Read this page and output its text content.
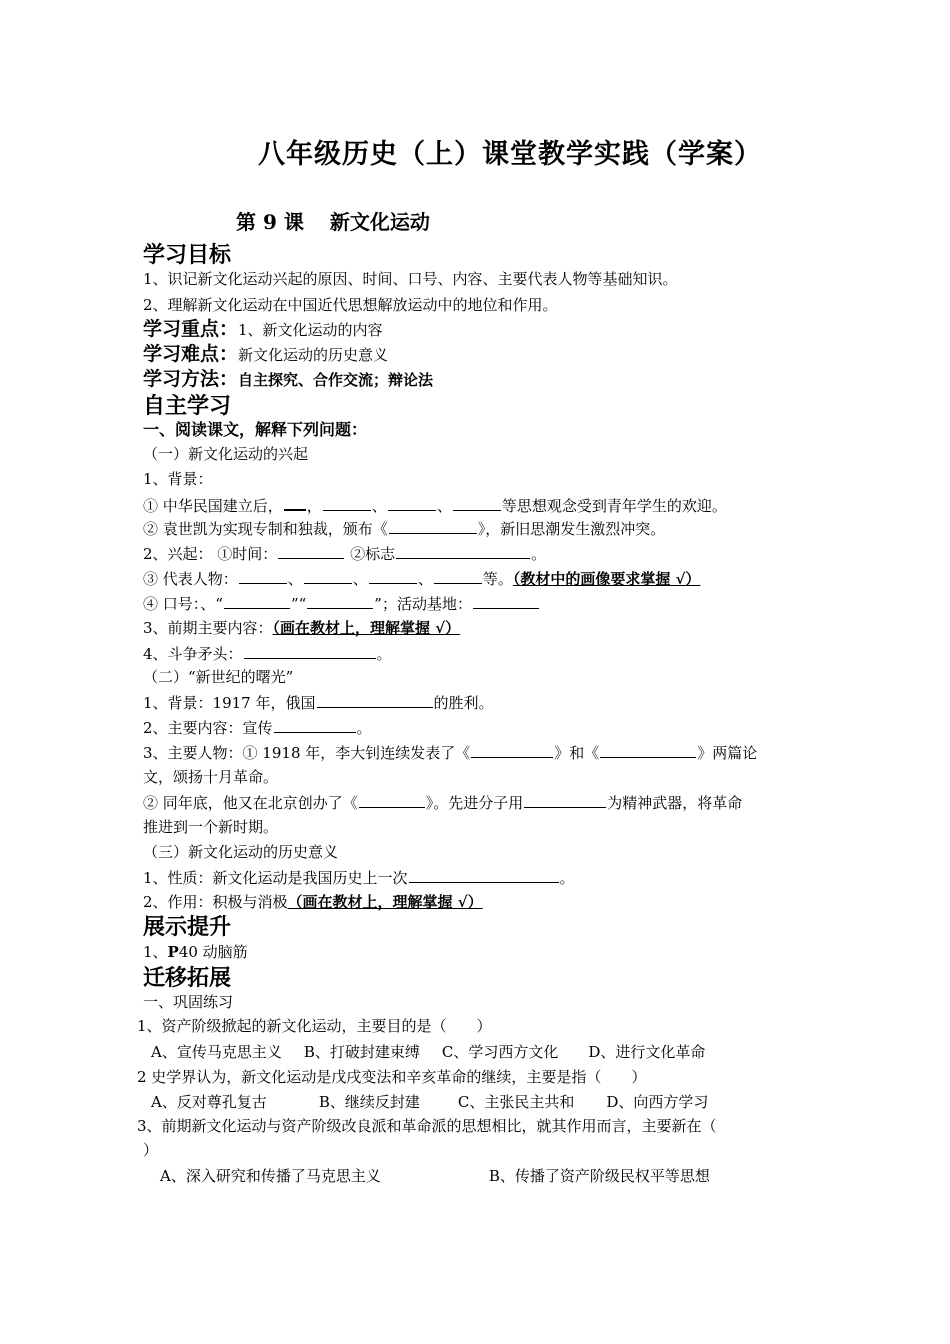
八年级历史（上）课堂教学实践（学案）
第 9 课 新文化运动
学习目标
1、识记新文化运动兴起的原因、时间、口号、内容、主要代表人物等基础知识。
2、理解新文化运动在中国近代思想解放运动中的地位和作用。
学习重点：1、新文化运动的内容
学习难点：新文化运动的历史意义
学习方法：自主探究、合作交流；辩论法
自主学习
一、阅读课文，解释下列问题：
（一）新文化运动的兴起
1、背景：
① 中华民国建立后， ，	、	、	等思想观念受到青年学生的欢迎。
② 袁世凯为实现专制和独裁，颁布《	》，新旧思潮发生激烈冲突。
2、兴起： ①时间：	②标志	。
③ 代表人物：	、	、	、	等。（教材中的画像要求掌握 √）
④ 口号：、“	”“	”；活动基地：
3、前期主要内容：（画在教材上，理解掌握 √）
4、斗争矛头：	。
（二）“新世纪的曙光”
1、背景：1917 年，俄国	的胜利。
2、主要内容：宣传	。
3、主要人物：① 1918 年，李大钊连续发表了《	》和《	》两篇论
文，颂扬十月革命。
② 同年底，他又在北京创办了《	》。先进分子用	为精神武器，将革命
推进到一个新时期。
（三）新文化运动的历史意义
1、性质：新文化运动是我国历史上一次	。
2、作用：积极与消极（画在教材上，理解掌握 √）
展示提升
1、P40 动脑筋
迁移拓展
一、巩固练习
1、资产阶级掀起的新文化运动，主要目的是（　　）
A、宣传马克思主义 B、打破封建束缚 C、学习西方文化 D、进行文化革命
2 史学界认为，新文化运动是戊戌变法和辛亥革命的继续，主要是指（　　）
A、反对尊孔复古	B、继续反封建	C、主张民主共和 D、向西方学习
3、前期新文化运动与资产阶级改良派和革命派的思想相比，就其作用而言，主要新在（
）
A、深入研究和传播了马克思主义	B、传播了资产阶级民权平等思想
